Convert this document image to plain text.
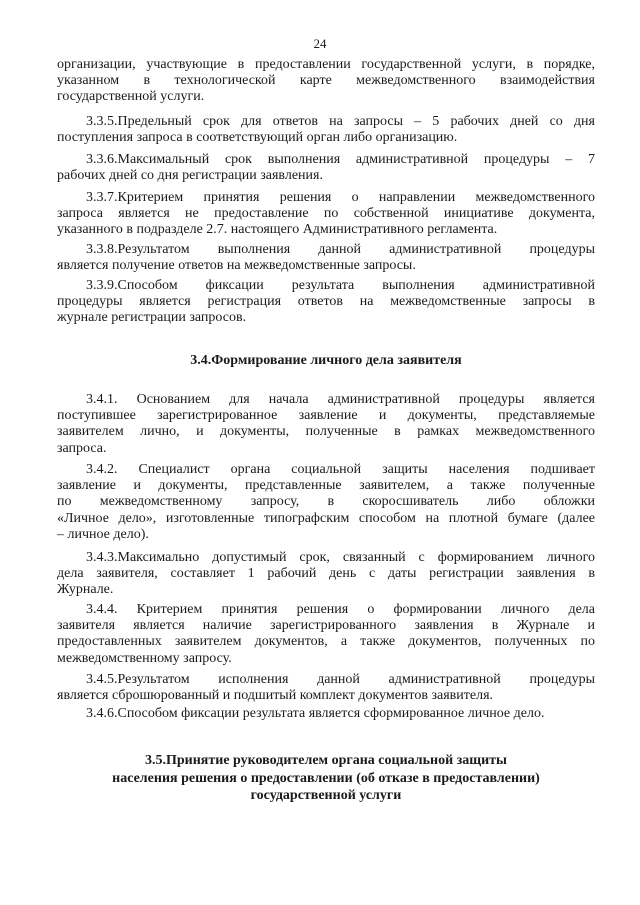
24
организации, участвующие в предоставлении государственной услуги, в порядке,
указанном в технологической карте межведомственного взаимодействия
государственной услуги.
3.3.5.Предельный срок для ответов на запросы – 5 рабочих дней со дня
поступления запроса в соответствующий орган либо организацию.
3.3.6.Максимальный срок выполнения административной процедуры – 7
рабочих дней со дня регистрации заявления.
3.3.7.Критерием принятия решения о направлении межведомственного
запроса является не предоставление по собственной инициативе документа,
указанного в подразделе 2.7. настоящего Административного регламента.
3.3.8.Результатом выполнения данной административной процедуры
является получение ответов на межведомственные запросы.
3.3.9.Способом фиксации результата выполнения административной
процедуры является регистрация ответов на межведомственные запросы в
журнале регистрации запросов.
3.4.Формирование личного дела заявителя
3.4.1. Основанием для начала административной процедуры является
поступившее зарегистрированное заявление и документы, представляемые
заявителем лично, и документы, полученные в рамках межведомственного
запроса.
3.4.2. Специалист органа социальной защиты населения подшивает
заявление и документы, представленные заявителем, а также полученные
по межведомственному запросу, в скоросшиватель либо обложки
«Личное дело», изготовленные типографским способом на плотной бумаге (далее
– личное дело).
3.4.3.Максимально допустимый срок, связанный с формированием личного
дела заявителя, составляет 1 рабочий день с даты регистрации заявления в
Журнале.
3.4.4. Критерием принятия решения о формировании личного дела
заявителя является наличие зарегистрированного заявления в Журнале и
предоставленных заявителем документов, а также документов, полученных по
межведомственному запросу.
3.4.5.Результатом исполнения данной административной процедуры
является сброшюрованный и подшитый комплект документов заявителя.
3.4.6.Способом фиксации результата является сформированное личное дело.
3.5.Принятие руководителем органа социальной защиты
населения решения о предоставлении (об отказе в предоставлении)
государственной услуги
